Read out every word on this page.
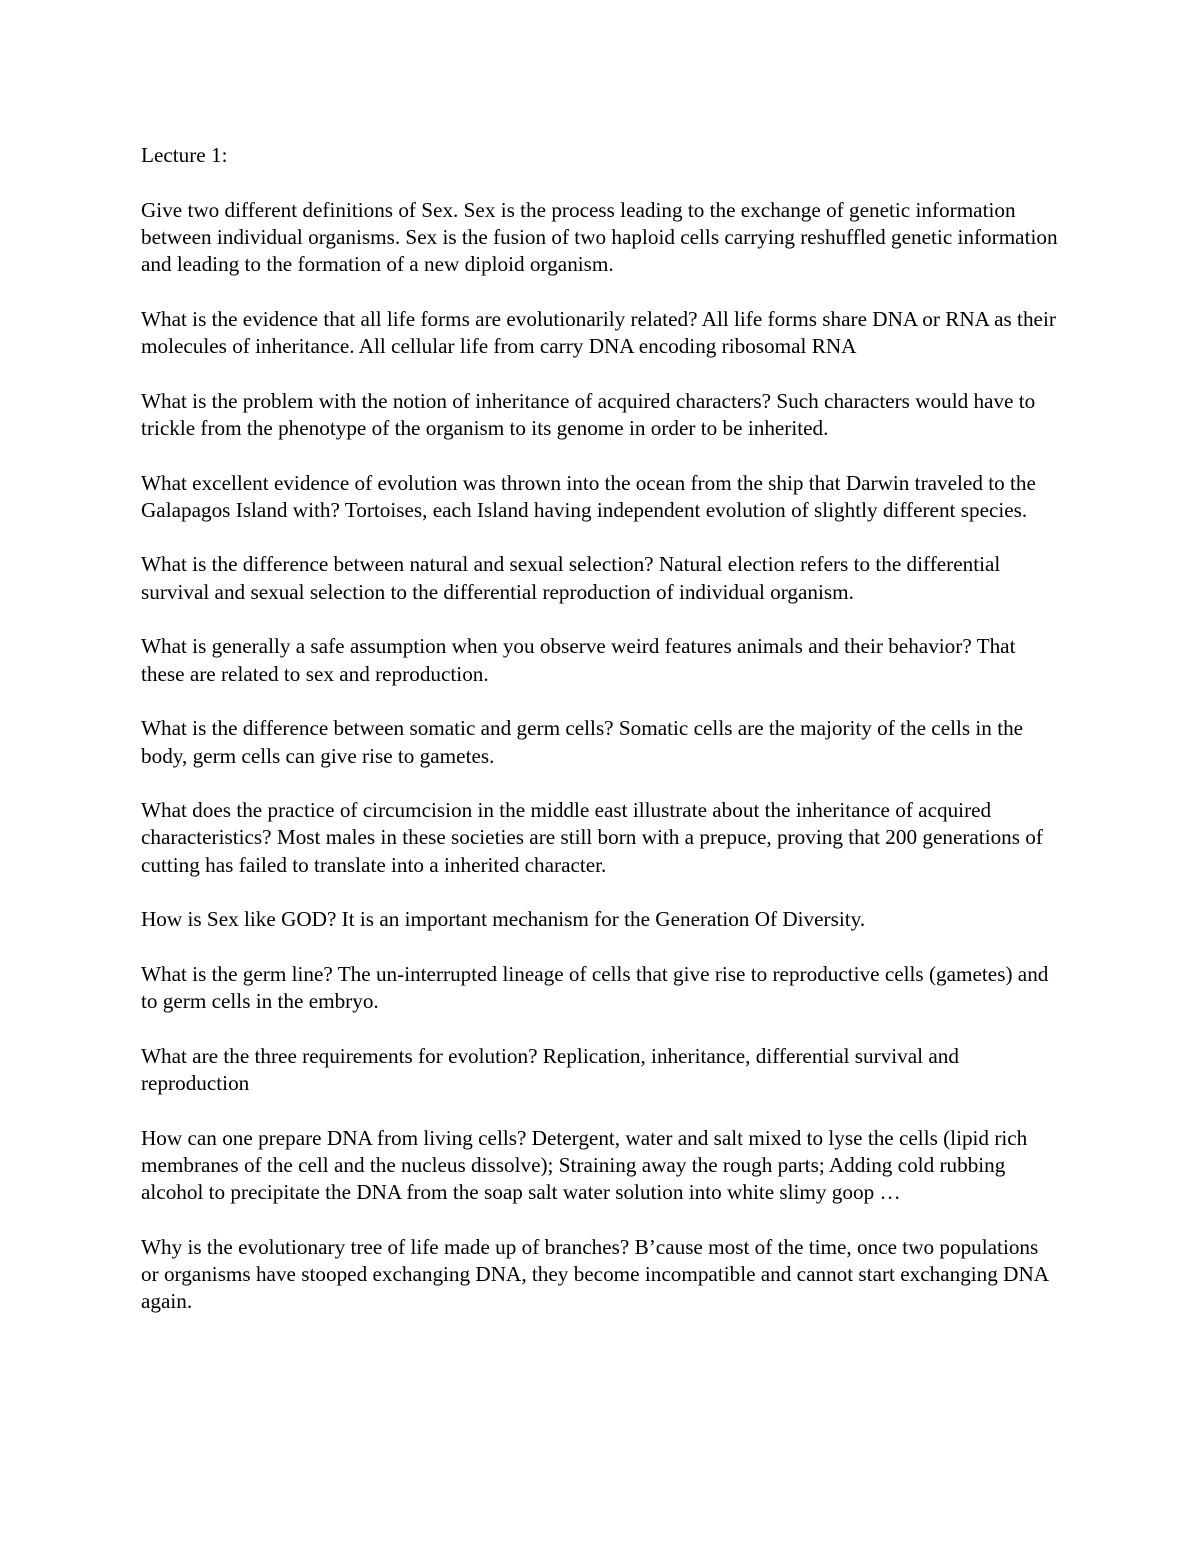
Lecture 1:

Give two different definitions of Sex. Sex is the process leading to the exchange of genetic information between individual organisms. Sex is the fusion of two haploid cells carrying reshuffled genetic information and leading to the formation of a new diploid organism.

What is the evidence that all life forms are evolutionarily related? All life forms share DNA or RNA as their molecules of inheritance. All cellular life from carry DNA encoding ribosomal RNA

What is the problem with the notion of inheritance of acquired characters? Such characters would have to trickle from the phenotype of the organism to its genome in order to be inherited.

What excellent evidence of evolution was thrown into the ocean from the ship that Darwin traveled to the Galapagos Island with? Tortoises, each Island having independent evolution of slightly different species.

What is the difference between natural and sexual selection? Natural election refers to the differential survival and sexual selection to the differential reproduction of individual organism.

What is generally a safe assumption when you observe weird features animals and their behavior? That these are related to sex and reproduction.

What is the difference between somatic and germ cells? Somatic cells are the majority of the cells in the body, germ cells can give rise to gametes.

What does the practice of circumcision in the middle east illustrate about the inheritance of acquired characteristics? Most males in these societies are still born with a prepuce, proving that 200 generations of cutting has failed to translate into a inherited character.

How is Sex like GOD? It is an important mechanism for the Generation Of Diversity.

What is the germ line? The un-interrupted lineage of cells that give rise to reproductive cells (gametes) and to germ cells in the embryo.

What are the three requirements for evolution? Replication, inheritance, differential survival and reproduction

How can one prepare DNA from living cells? Detergent, water and salt mixed to lyse the cells (lipid rich membranes of the cell and the nucleus dissolve); Straining away the rough parts; Adding cold rubbing alcohol to precipitate the DNA from the soap salt water solution into white slimy goop …

Why is the evolutionary tree of life made up of branches? B’cause most of the time, once two populations or organisms have stooped exchanging DNA, they become incompatible and cannot start exchanging DNA again.
